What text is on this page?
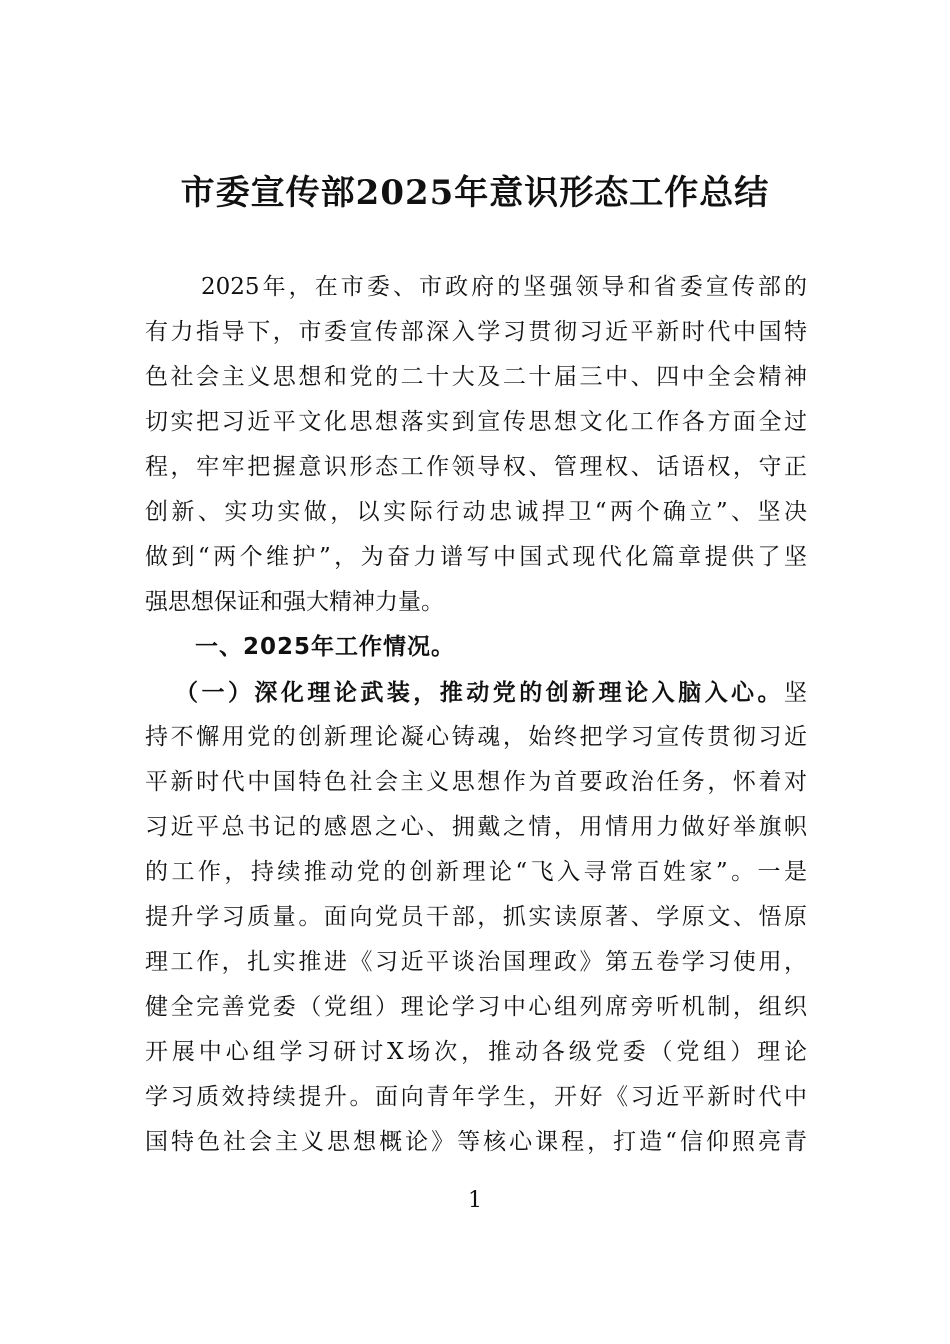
市委宣传部2025年意识形态工作总结
2025年，在市委、市政府的坚强领导和省委宣传部的
有力指导下，市委宣传部深入学习贯彻习近平新时代中国特
色社会主义思想和党的二十大及二十届三中、四中全会精神
切实把习近平文化思想落实到宣传思想文化工作各方面全过
程，牢牢把握意识形态工作领导权、管理权、话语权，守正
创新、实功实做，以实际行动忠诚捍卫“两个确立”、坚决
做到“两个维护”，为奋力谱写中国式现代化篇章提供了坚
强思想保证和强大精神力量。
一、2025年工作情况。
（一）深化理论武装，推动党的创新理论入脑入心。坚
持不懈用党的创新理论凝心铸魂，始终把学习宣传贯彻习近
平新时代中国特色社会主义思想作为首要政治任务，怀着对
习近平总书记的感恩之心、拥戴之情，用情用力做好举旗帜
的工作，持续推动党的创新理论“飞入寻常百姓家”。一是
提升学习质量。面向党员干部，抓实读原著、学原文、悟原
理工作，扎实推进《习近平谈治国理政》第五卷学习使用，
健全完善党委（党组）理论学习中心组列席旁听机制，组织
开展中心组学习研讨X场次，推动各级党委（党组）理论
学习质效持续提升。面向青年学生，开好《习近平新时代中
国特色社会主义思想概论》等核心课程，打造“信仰照亮青
1
